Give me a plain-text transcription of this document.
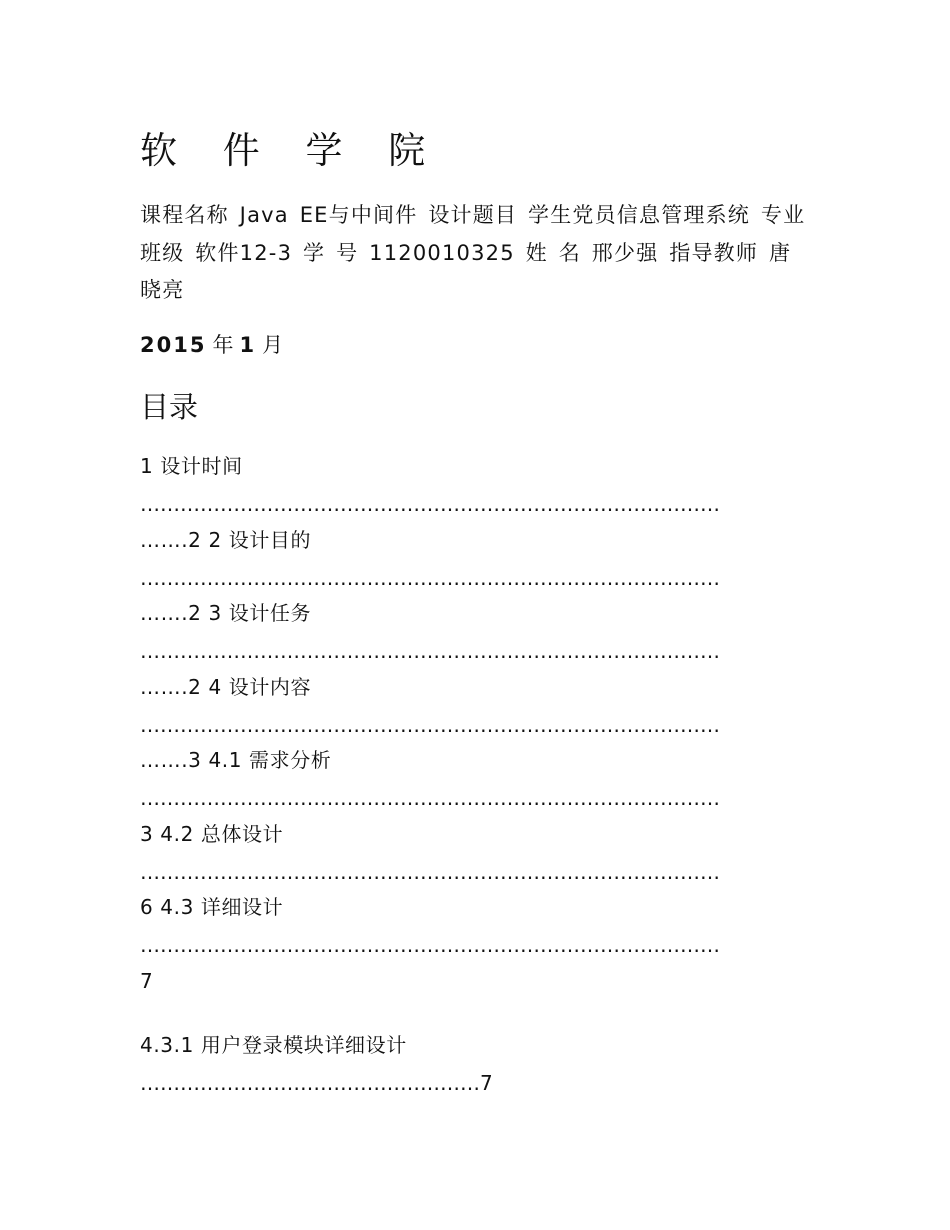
软 件 学 院

课程名称 Java EE与中间件 设计题目 学生党员信息管理系统 专业班级 软件12-3 学 号 1120010325 姓 名 邢少强 指导教师 唐晓亮

2015 年 1 月

目录
1 设计时间
……………………………………………………………………………
…….2 2 设计目的
……………………………………………………………………………
…….2 3 设计任务
……………………………………………………………………………
…….2 4 设计内容
……………………………………………………………………………
…….3 4.1 需求分析
……………………………………………………………………………
3 4.2 总体设计
……………………………………………………………………………
6 4.3 详细设计
……………………………………………………………………………
7
4.3.1 用户登录模块详细设计
……………………………………………7
